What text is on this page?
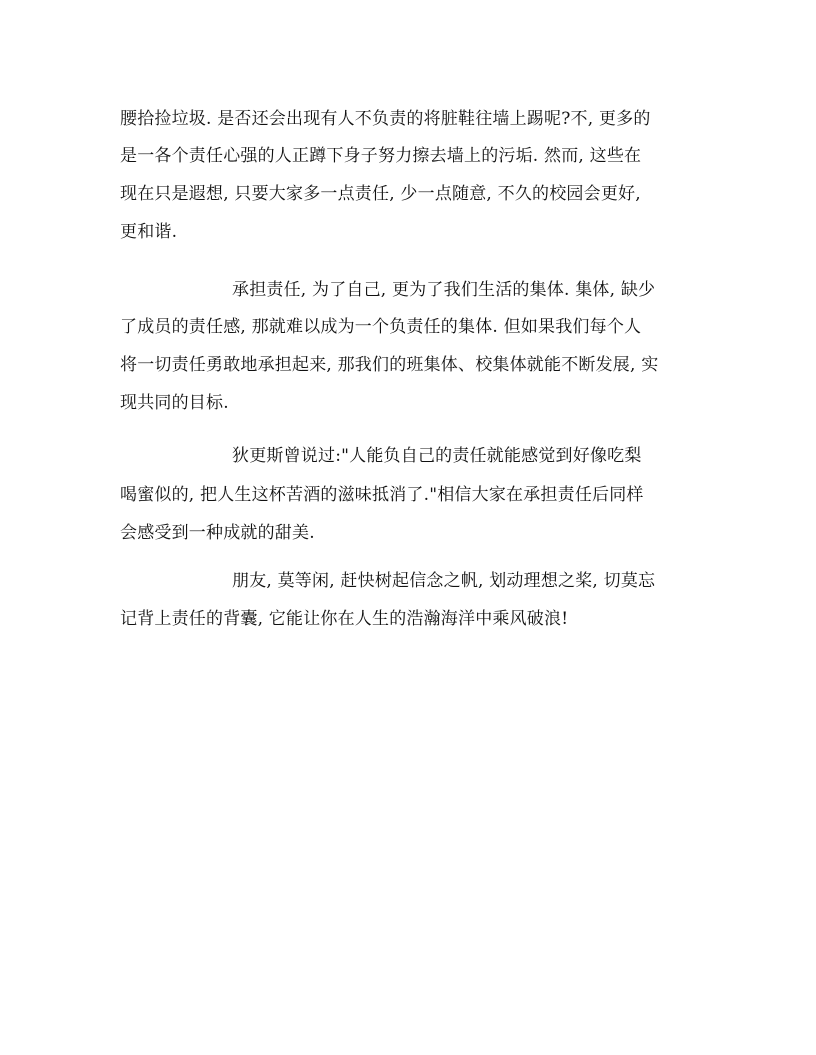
腰拾捡垃圾. 是否还会出现有人不负责的将脏鞋往墙上踢呢?不, 更多的
是一各个责任心强的人正蹲下身子努力擦去墙上的污垢. 然而, 这些在
现在只是遐想, 只要大家多一点责任, 少一点随意, 不久的校园会更好,
更和谐.
承担责任, 为了自己, 更为了我们生活的集体. 集体, 缺少
了成员的责任感, 那就难以成为一个负责任的集体. 但如果我们每个人
将一切责任勇敢地承担起来, 那我们的班集体、校集体就能不断发展, 实
现共同的目标.
狄更斯曾说过:"人能负自己的责任就能感觉到好像吃梨
喝蜜似的, 把人生这杯苦酒的滋味抵消了."相信大家在承担责任后同样
会感受到一种成就的甜美.
朋友, 莫等闲, 赶快树起信念之帆, 划动理想之桨, 切莫忘
记背上责任的背囊, 它能让你在人生的浩瀚海洋中乘风破浪!
